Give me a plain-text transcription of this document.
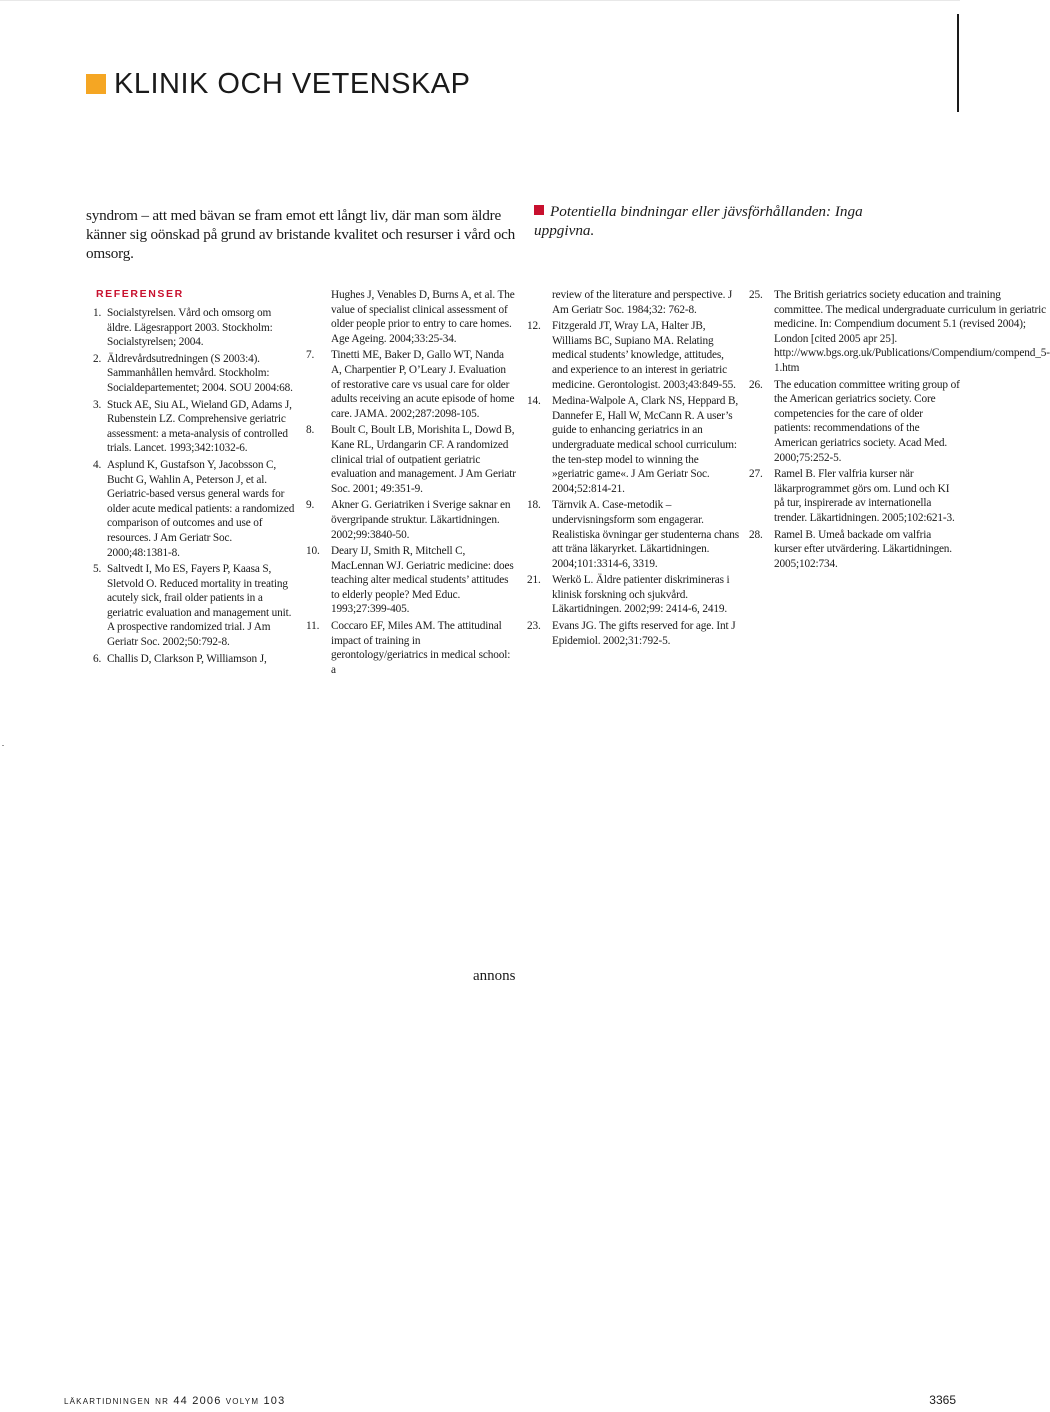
KLINIK OCH VETENSKAP
syndrom – att med bävan se fram emot ett långt liv, där man som äldre känner sig oönskad på grund av bristande kvalitet och resurser i vård och omsorg.
Potentiella bindningar eller jävsförhållanden: Inga uppgivna.
REFERENSER
1. Socialstyrelsen. Vård och omsorg om äldre. Lägesrapport 2003. Stockholm: Socialstyrelsen; 2004.
2. Äldrevårdsutredningen (S 2003:4). Sammanhållen hemvård. Stockholm: Socialdepartementet; 2004. SOU 2004:68.
3. Stuck AE, Siu AL, Wieland GD, Adams J, Rubenstein LZ. Comprehensive geriatric assessment: a meta-analysis of controlled trials. Lancet. 1993;342:1032-6.
4. Asplund K, Gustafson Y, Jacobsson C, Bucht G, Wahlin A, Peterson J, et al. Geriatric-based versus general wards for older acute medical patients: a randomized comparison of outcomes and use of resources. J Am Geriatr Soc. 2000;48:1381-8.
5. Saltvedt I, Mo ES, Fayers P, Kaasa S, Sletvold O. Reduced mortality in treating acutely sick, frail older patients in a geriatric evaluation and management unit. A prospective randomized trial. J Am Geriatr Soc. 2002;50:792-8.
6. Challis D, Clarkson P, Williamson J,
Hughes J, Venables D, Burns A, et al. The value of specialist clinical assessment of older people prior to entry to care homes. Age Ageing. 2004;33:25-34.
7.	Tinetti ME, Baker D, Gallo WT, Nanda A, Charpentier P, O’Leary J. Evaluation of restorative care vs usual care for older adults receiving an acute episode of home care. JAMA. 2002;287:2098-105.
8.	Boult C, Boult LB, Morishita L, Dowd B, Kane RL, Urdangarin CF. A randomized clinical trial of outpatient geriatric evaluation and management. J Am Geriatr Soc. 2001; 49:351-9.
9.	Akner G. Geriatriken i Sverige saknar en övergripande struktur. Läkartidningen. 2002;99:3840-50.
10.	Deary IJ, Smith R, Mitchell C, MacLennan WJ. Geriatric medicine: does teaching alter medical students’ attitudes to elderly people? Med Educ. 1993;27:399-405.
11.	Coccaro EF, Miles AM. The attitudinal impact of training in gerontology/geriatrics in medical school: a
review of the literature and perspective. J Am Geriatr Soc. 1984;32: 762-8.
12.	Fitzgerald JT, Wray LA, Halter JB, Williams BC, Supiano MA. Relating medical students’ knowledge, attitudes, and experience to an interest in geriatric medicine. Gerontologist. 2003;43:849-55.
14.	Medina-Walpole A, Clark NS, Heppard B, Dannefer E, Hall W, McCann R. A user’s guide to enhancing geriatrics in an undergraduate medical school curriculum: the ten-step model to winning the »geriatric game«. J Am Geriatr Soc. 2004;52:814-21.
18.	Tärnvik A. Case-metodik – undervisningsform som engagerar. Realistiska övningar ger studenterna chans att träna läkaryrket. Läkartidningen. 2004;101:3314-6, 3319.
21.	Werkö L. Äldre patienter diskrimineras i klinisk forskning och sjukvård. Läkartidningen. 2002;99: 2414-6, 2419.
23.	Evans JG. The gifts reserved for age. Int J Epidemiol. 2002;31:792-5.
25.	The British geriatrics society education and training committee. The medical undergraduate curriculum in geriatric medicine. In: Compendium document 5.1 (revised 2004); London [cited 2005 apr 25]. http://www.bgs.org.uk/Publications/Compendium/compend_5-1.htm
26.	The education committee writing group of the American geriatrics society. Core competencies for the care of older patients: recommendations of the American geriatrics society. Acad Med. 2000;75:252-5.
27.	Ramel B. Fler valfria kurser när läkarprogrammet görs om. Lund och KI på tur, inspirerade av internationella trender. Läkartidningen. 2005;102:621-3.
28.	Ramel B. Umeå backade om valfria kurser efter utvärdering. Läkartidningen. 2005;102:734.
annons
läkartidningen nr 44 2006 volym 103	3365
